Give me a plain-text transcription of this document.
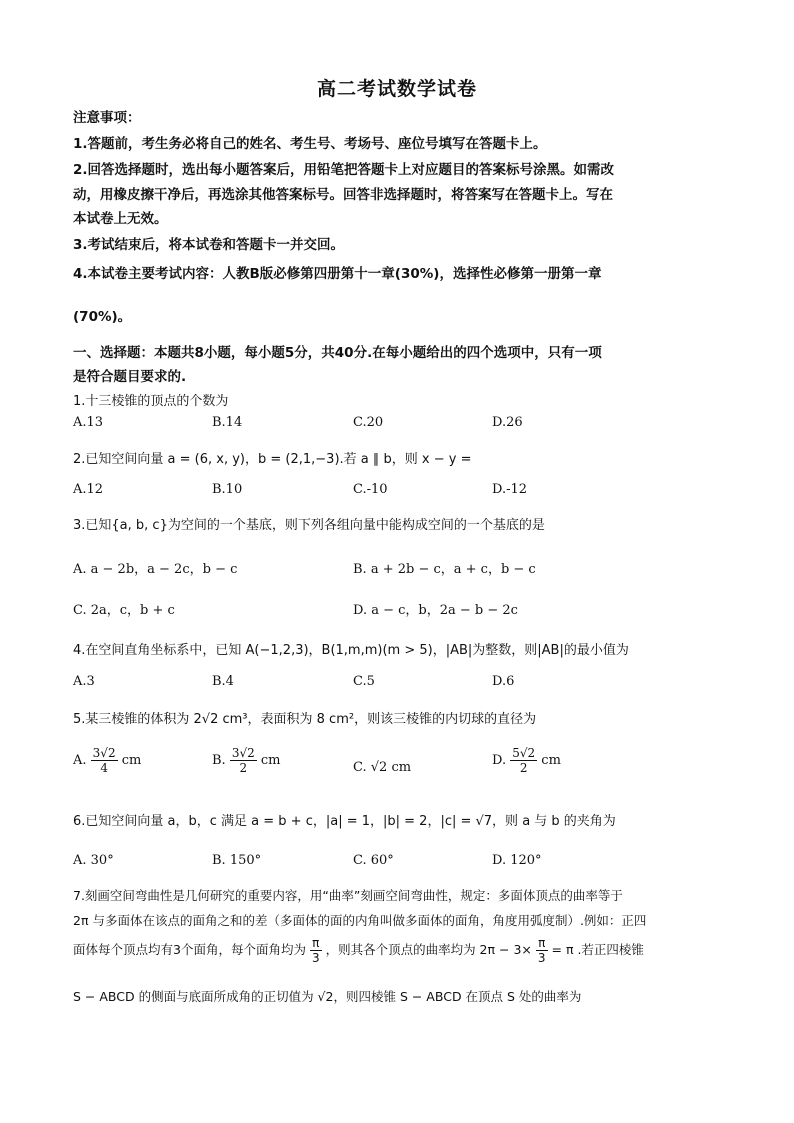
高二考试数学试卷
注意事项：
1.答题前，考生务必将自己的姓名、考生号、考场号、座位号填写在答题卡上。
2.回答选择题时，选出每小题答案后，用铅笔把答题卡上对应题目的答案标号涂黑。如需改
动，用橡皮擦干净后，再选涂其他答案标号。回答非选择题时，将答案写在答题卡上。写在
本试卷上无效。
3.考试结束后，将本试卷和答题卡一并交回。
4.本试卷主要考试内容：人教B版必修第四册第十一章(30%)，选择性必修第一册第一章
(70%)。
一、选择题：本题共8小题，每小题5分，共40分.在每小题给出的四个选项中，只有一项
是符合题目要求的.
1.十三棱锥的顶点的个数为
A.13	B.14	C.20	D.26
2.已知空间向量 a = (6, x, y)，b = (2,1,−3).若 a ∥ b，则 x − y =
A.12	B.10	C.-10	D.-12
3.已知{a, b, c}为空间的一个基底，则下列各组向量中能构成空间的一个基底的是
A. a − 2b，a − 2c，b − c	B. a + 2b − c，a + c，b − c
C. 2a，c，b + c	D. a − c，b，2a − b − 2c
4.在空间直角坐标系中，已知 A(−1,2,3)，B(1,m,m)(m > 5)，|AB|为整数，则|AB|的最小值为
A.3	B.4	C.5	D.6
5.某三棱锥的体积为 2√2 cm³，表面积为 8 cm²，则该三棱锥的内切球的直径为
A. $\frac{3√2}{4}$ cm	B. $\frac{3√2}{2}$ cm	C. √2 cm	D. $\frac{5√2}{2}$ cm
6.已知空间向量 a，b，c 满足 a = b + c，|a| = 1，|b| = 2，|c| = √7，则 a 与 b 的夹角为
A. 30°	B. 150°	C. 60°	D. 120°
7.刻画空间弯曲性是几何研究的重要内容，用“曲率”刻画空间弯曲性，规定：多面体顶点的曲率等于
2π 与多面体在该点的面角之和的差（多面体的面的内角叫做多面体的面角，角度用弧度制）.例如：正四
面体每个顶点均有3个面角，每个面角均为 $\frac{\pi}{3}$ ，则其各个顶点的曲率均为 $2\pi - 3\times \frac{\pi}{3} = \pi$ .若正四棱锥
S − ABCD 的侧面与底面所成角的正切值为 √2，则四棱锥 S − ABCD 在顶点 S 处的曲率为
